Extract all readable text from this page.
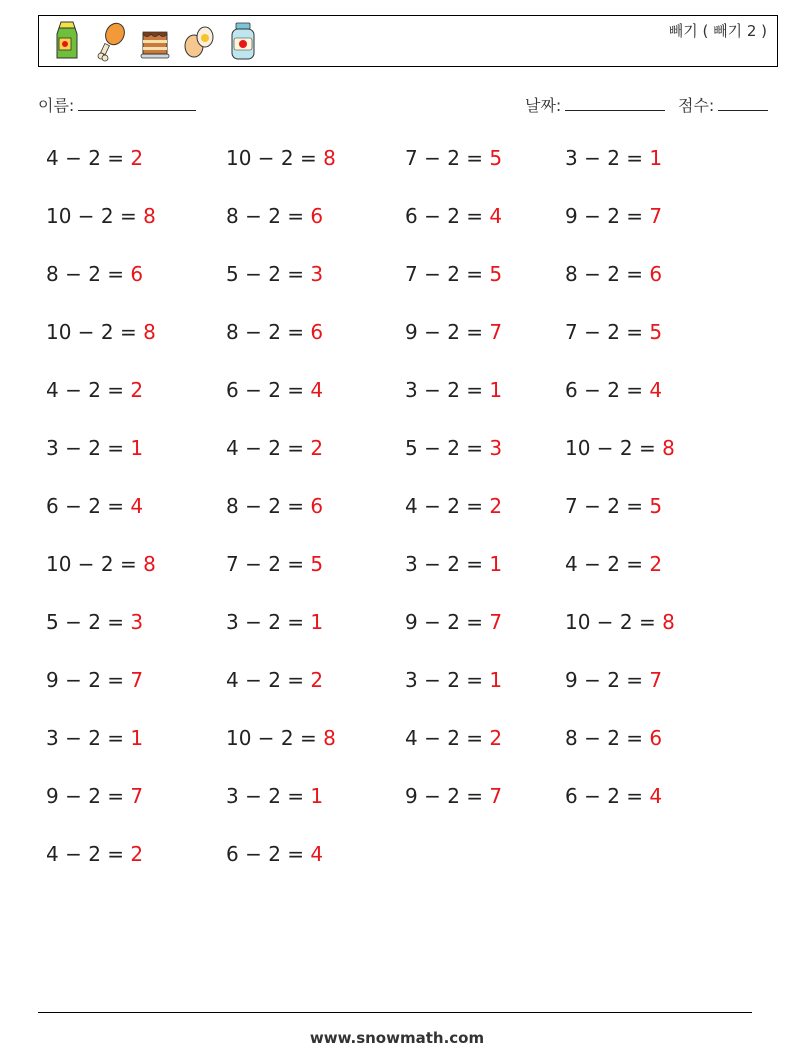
빼기 ( 빼기 2 )
이름:	날짜:	점수:
4 − 2 = 2	10 − 2 = 8	7 − 2 = 5	3 − 2 = 1
10 − 2 = 8	8 − 2 = 6	6 − 2 = 4	9 − 2 = 7
8 − 2 = 6	5 − 2 = 3	7 − 2 = 5	8 − 2 = 6
10 − 2 = 8	8 − 2 = 6	9 − 2 = 7	7 − 2 = 5
4 − 2 = 2	6 − 2 = 4	3 − 2 = 1	6 − 2 = 4
3 − 2 = 1	4 − 2 = 2	5 − 2 = 3	10 − 2 = 8
6 − 2 = 4	8 − 2 = 6	4 − 2 = 2	7 − 2 = 5
10 − 2 = 8	7 − 2 = 5	3 − 2 = 1	4 − 2 = 2
5 − 2 = 3	3 − 2 = 1	9 − 2 = 7	10 − 2 = 8
9 − 2 = 7	4 − 2 = 2	3 − 2 = 1	9 − 2 = 7
3 − 2 = 1	10 − 2 = 8	4 − 2 = 2	8 − 2 = 6
9 − 2 = 7	3 − 2 = 1	9 − 2 = 7	6 − 2 = 4
4 − 2 = 2	6 − 2 = 4
www.snowmath.com
